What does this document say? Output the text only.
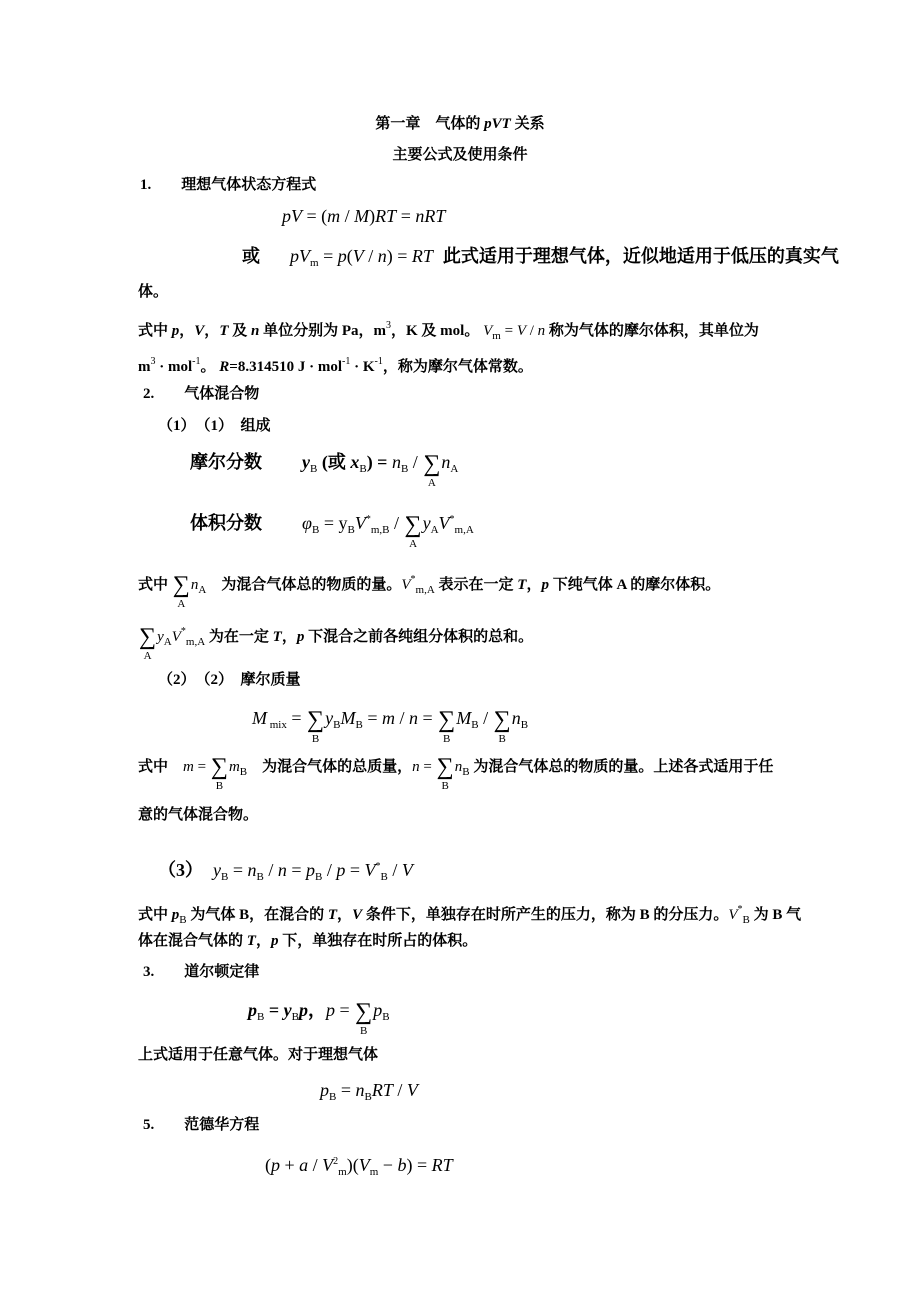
第一章　气体的 pVT 关系
主要公式及使用条件
1.　　理想气体状态方程式
pV = (m / M)RT = nRT
或 $pV_m = p(V / n)$ = RT 此式适用于理想气体，近似地适用于低压的真实气
体。
式中 p，V，T 及 n 单位分别为 Pa，$m^3$，K 及 mol。 $V_m = V / n$ 称为气体的摩尔体积，其单位为
$m^3 \cdot mol^{-1}$。 R=8.314510 $J \cdot mol^{-1} \cdot K^{-1}$，称为摩尔气体常数。
2.　　气体混合物
（1）　（1）　组成
摩尔分数 $y_B$ (或 $x_B) = n_B$ / ∑
A
$n_A$
体积分数 $\varphi_B = y_BV^*_{m,B}$ / ∑
A
$y_AV^*_{m,A}$
式中 ∑
A
$n_A$　为混合气体总的物质的量。$V^*_{m,A}$ 表示在一定 T，p 下纯气体 A 的摩尔体积。
∑
A
$y_AV^*_{m,A}$ 为在一定 T，p 下混合之前各纯组分体积的总和。
（2）　（2）　摩尔质量
M $_{mix}$ = ∑
B
$y_BM_B = m / n$ = ∑
B
$M_B$ / ∑
B
$n_B$
式中　m = ∑
B
$m_B$　为混合气体的总质量，n = ∑
B
$n_B$ 为混合气体总的物质的量。上述各式适用于任
意的气体混合物。
（3） $y_B = n_B / n = p_B / p = V^*_B / V$
式中 $p_B$ 为气体 B，在混合的 T，V 条件下，单独存在时所产生的压力，称为 B 的分压力。$V^*_B$ 为 B 气
体在混合气体的 T，p 下，单独存在时所占的体积。
3.　　道尔顿定律
$p_B = y_Bp$，p = ∑
B
$p_B$
上式适用于任意气体。对于理想气体
$p_B = n_BRT / V$
5.　　范德华方程
$(p + a / V^2_m)(V_m - b)$ = RT
